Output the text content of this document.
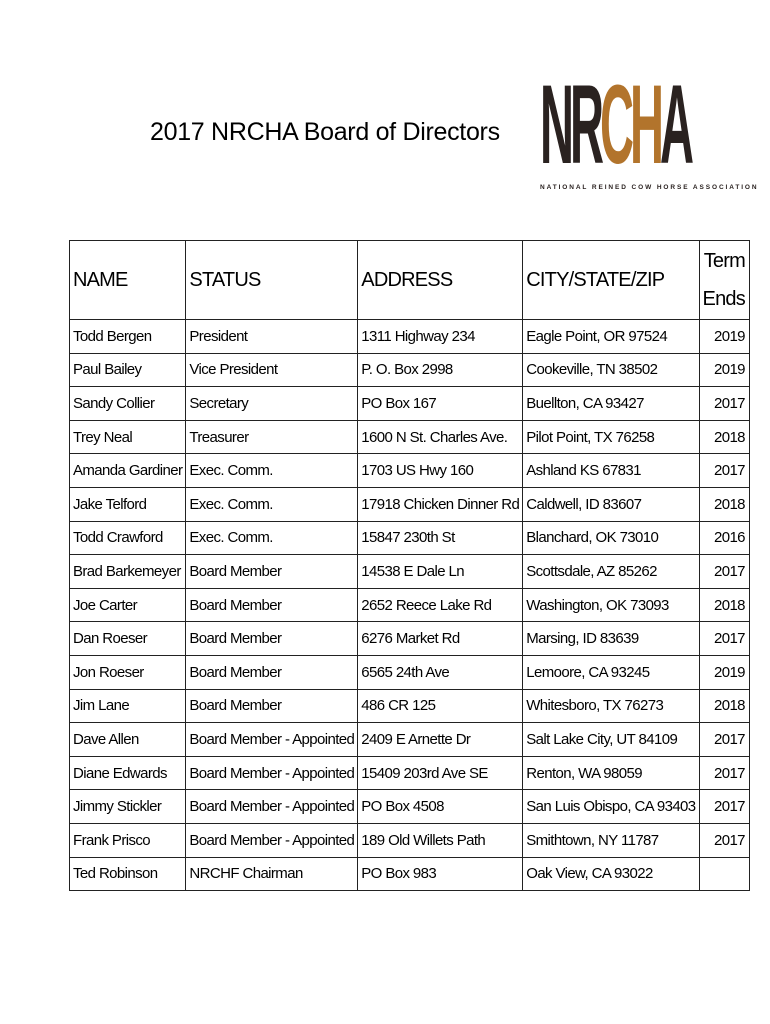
2017 NRCHA Board of Directors N
R
C
H
A
NATIONAL REINED COW HORSE ASSOCIATION
NAME	STATUS	ADDRESS	CITY/STATE/ZIP	Term
Ends
Todd Bergen	President	1311 Highway 234	Eagle Point, OR 97524	2019
Paul Bailey	Vice President	P. O. Box 2998	Cookeville, TN 38502	2019
Sandy Collier	Secretary	PO Box 167	Buellton, CA 93427	2017
Trey Neal	Treasurer	1600 N St. Charles Ave.	Pilot Point, TX 76258	2018
Amanda Gardiner	Exec. Comm.	1703 US Hwy 160	Ashland KS 67831	2017
Jake Telford	Exec. Comm.	17918 Chicken Dinner Rd	Caldwell, ID 83607	2018
Todd Crawford	Exec. Comm.	15847 230th St	Blanchard, OK 73010	2016
Brad Barkemeyer	Board Member	14538 E Dale Ln	Scottsdale, AZ 85262	2017
Joe Carter	Board Member	2652 Reece Lake Rd	Washington, OK 73093	2018
Dan Roeser	Board Member	6276 Market Rd	Marsing, ID 83639	2017
Jon Roeser	Board Member	6565 24th Ave	Lemoore, CA 93245	2019
Jim Lane	Board Member	486 CR 125	Whitesboro, TX 76273	2018
Dave Allen	Board Member - Appointed	2409 E Arnette Dr	Salt Lake City, UT 84109	2017
Diane Edwards	Board Member - Appointed	15409 203rd Ave SE	Renton, WA 98059	2017
Jimmy Stickler	Board Member - Appointed	PO Box 4508	San Luis Obispo, CA 93403	2017
Frank Prisco	Board Member - Appointed	189 Old Willets Path	Smithtown, NY 11787	2017
Ted Robinson	NRCHF Chairman	PO Box 983	Oak View, CA 93022	
